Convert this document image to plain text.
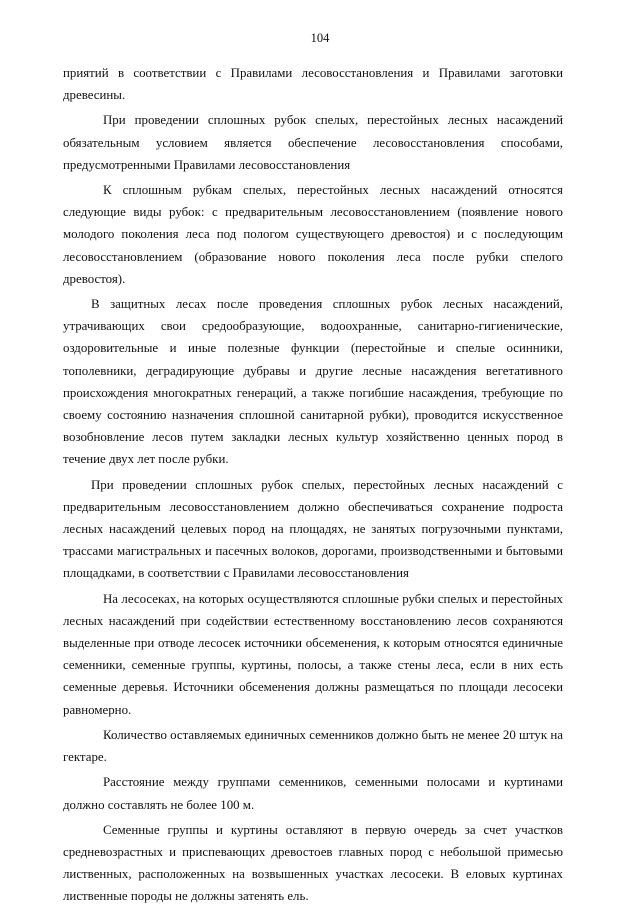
104

приятий в соответствии с Правилами лесовосстановления и Правилами заготовки древесины.

При проведении сплошных рубок спелых, перестойных лесных насаждений обязательным условием является обеспечение лесовосстановления способами, предусмотренными Правилами лесовосстановления

К сплошным рубкам спелых, перестойных лесных насаждений относятся следующие виды рубок: с предварительным лесовосстановлением (появление нового молодого поколения леса под пологом существующего древостоя) и с последующим лесовосстановлением (образование нового поколения леса после рубки спелого древостоя).

В защитных лесах после проведения сплошных рубок лесных насаждений, утрачивающих свои средообразующие, водоохранные, санитарно-гигиенические, оздоровительные и иные полезные функции (перестойные и спелые осинники, тополевники, деградирующие дубравы и другие лесные насаждения вегетативного происхождения многократных генераций, а также погибшие насаждения, требующие по своему состоянию назначения сплошной санитарной рубки), проводится искусственное возобновление лесов путем закладки лесных культур хозяйственно ценных пород в течение двух лет после рубки.

При проведении сплошных рубок спелых, перестойных лесных насаждений с предварительным лесовосстановлением должно обеспечиваться сохранение подроста лесных насаждений целевых пород на площадях, не занятых погрузочными пунктами, трассами магистральных и пасечных волоков, дорогами, производственными и бытовыми площадками, в соответствии с Правилами лесовосстановления

На лесосеках, на которых осуществляются сплошные рубки спелых и перестойных лесных насаждений при содействии естественному восстановлению лесов сохраняются выделенные при отводе лесосек источники обсеменения, к которым относятся единичные семенники, семенные группы, куртины, полосы, а также стены леса, если в них есть семенные деревья. Источники обсеменения должны размещаться по площади лесосеки равномерно.

Количество оставляемых единичных семенников должно быть не менее 20 штук на гектаре.

Расстояние между группами семенников, семенными полосами и куртинами должно составлять не более 100 м.

Семенные группы и куртины оставляют в первую очередь за счет участков средневозрастных и приспевающих древостоев главных пород с небольшой примесью лиственных, расположенных на возвышенных участках лесосеки. В еловых куртинах лиственные породы не должны затенять ель.
